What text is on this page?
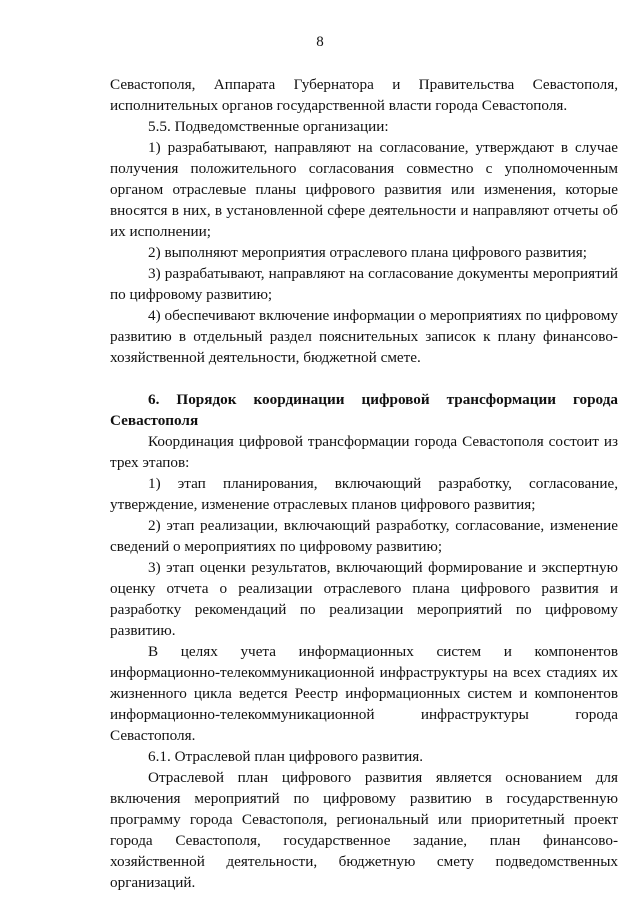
8

Севастополя, Аппарата Губернатора и Правительства Севастополя, исполнительных органов государственной власти города Севастополя.

5.5. Подведомственные организации:

1) разрабатывают, направляют на согласование, утверждают в случае получения положительного согласования совместно с уполномоченным органом отраслевые планы цифрового развития или изменения, которые вносятся в них, в установленной сфере деятельности и направляют отчеты об их исполнении;

2) выполняют мероприятия отраслевого плана цифрового развития;

3) разрабатывают, направляют на согласование документы мероприятий по цифровому развитию;

4) обеспечивают включение информации о мероприятиях по цифровому развитию в отдельный раздел пояснительных записок к плану финансово-хозяйственной деятельности, бюджетной смете.

6. Порядок координации цифровой трансформации города Севастополя

Координация цифровой трансформации города Севастополя состоит из трех этапов:

1) этап планирования, включающий разработку, согласование, утверждение, изменение отраслевых планов цифрового развития;

2) этап реализации, включающий разработку, согласование, изменение сведений о мероприятиях по цифровому развитию;

3) этап оценки результатов, включающий формирование и экспертную оценку отчета о реализации отраслевого плана цифрового развития и разработку рекомендаций по реализации мероприятий по цифровому развитию.

В целях учета информационных систем и компонентов информационно-телекоммуникационной инфраструктуры на всех стадиях их жизненного цикла ведется Реестр информационных систем и компонентов информационно-телекоммуникационной инфраструктуры города Севастополя.

6.1. Отраслевой план цифрового развития.

Отраслевой план цифрового развития является основанием для включения мероприятий по цифровому развитию в государственную программу города Севастополя, региональный или приоритетный проект города Севастополя, государственное задание, план финансово-хозяйственной деятельности, бюджетную смету подведомственных организаций.
